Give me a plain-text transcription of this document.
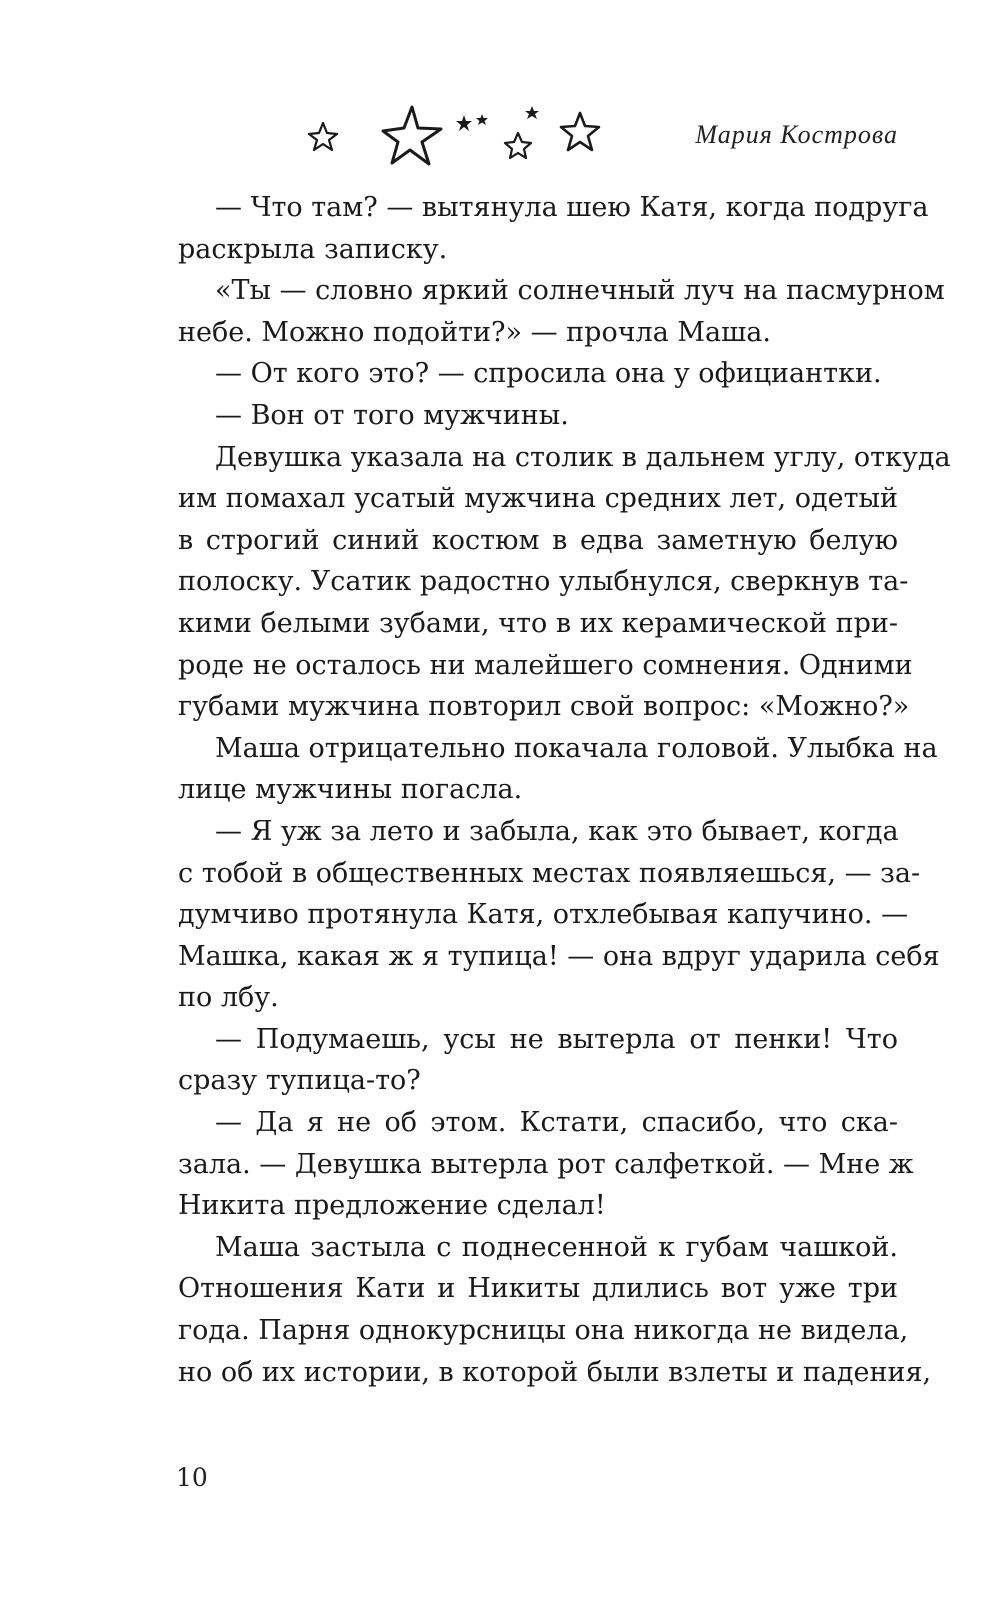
Мария Кострова
— Что там? — вытянула шею Катя, когда подруга
раскрыла записку.
«Ты — словно яркий солнечный луч на пасмурном
небе. Можно подойти?» — прочла Маша.
— От кого это? — спросила она у официантки.
— Вон от того мужчины.
Девушка указала на столик в дальнем углу, откуда
им помахал усатый мужчина средних лет, одетый
в строгий синий костюм в едва заметную белую
полоску. Усатик радостно улыбнулся, сверкнув та-
кими белыми зубами, что в их керамической при-
роде не осталось ни малейшего сомнения. Одними
губами мужчина повторил свой вопрос: «Можно?»
Маша отрицательно покачала головой. Улыбка на
лице мужчины погасла.
— Я уж за лето и забыла, как это бывает, когда
с тобой в общественных местах появляешься, — за-
думчиво протянула Катя, отхлебывая капучино. —
Машка, какая ж я тупица! — она вдруг ударила себя
по лбу.
— Подумаешь, усы не вытерла от пенки! Что
сразу тупица-то?
— Да я не об этом. Кстати, спасибо, что ска-
зала. — Девушка вытерла рот салфеткой. — Мне ж
Никита предложение сделал!
Маша застыла с поднесенной к губам чашкой.
Отношения Кати и Никиты длились вот уже три
года. Парня однокурсницы она никогда не видела,
но об их истории, в которой были взлеты и падения,
10
